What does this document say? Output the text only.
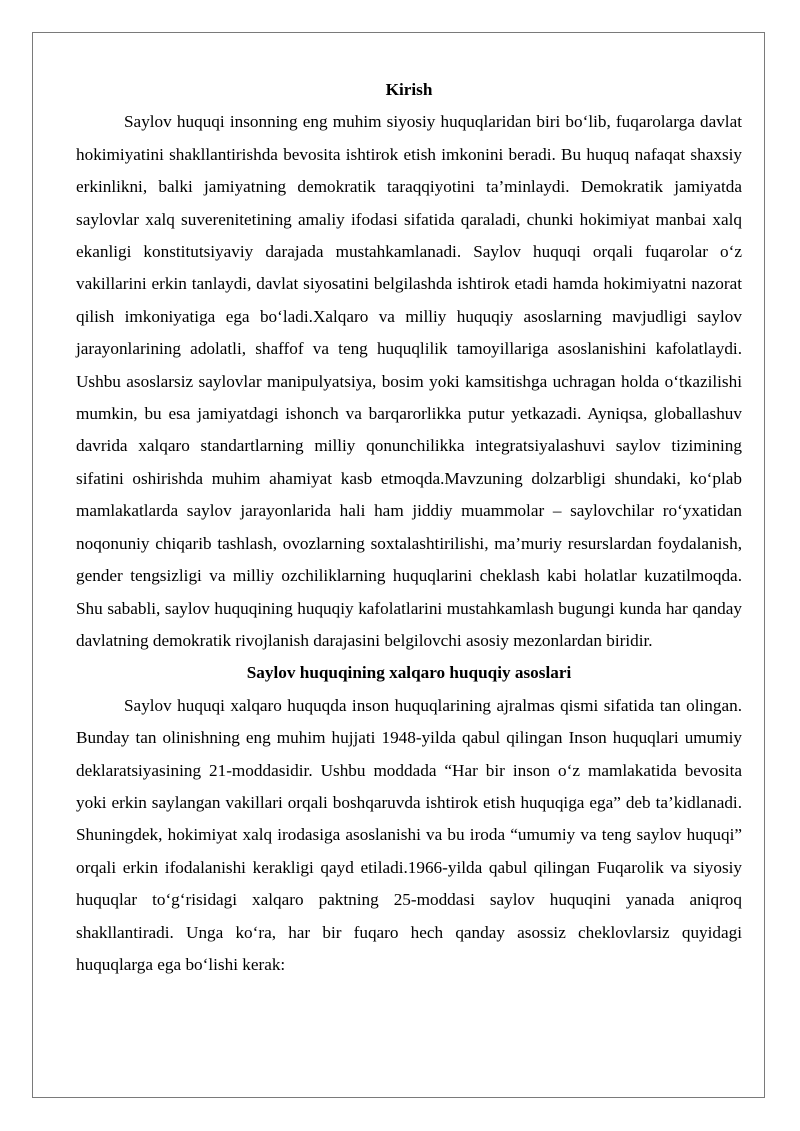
Kirish

Saylov huquqi insonning eng muhim siyosiy huquqlaridan biri bo‘lib, fuqarolarga davlat hokimiyatini shakllantirishda bevosita ishtirok etish imkonini beradi. Bu huquq nafaqat shaxsiy erkinlikni, balki jamiyatning demokratik taraqqiyotini ta’minlaydi. Demokratik jamiyatda saylovlar xalq suverenitetining amaliy ifodasi sifatida qaraladi, chunki hokimiyat manbai xalq ekanligi konstitutsiyaviy darajada mustahkamlanadi. Saylov huquqi orqali fuqarolar o‘z vakillarini erkin tanlaydi, davlat siyosatini belgilashda ishtirok etadi hamda hokimiyatni nazorat qilish imkoniyatiga ega bo‘ladi.Xalqaro va milliy huquqiy asoslarning mavjudligi saylov jarayonlarining adolatli, shaffof va teng huquqlilik tamoyillariga asoslanishini kafolatlaydi. Ushbu asoslarsiz saylovlar manipulyatsiya, bosim yoki kamsitishga uchragan holda o‘tkazilishi mumkin, bu esa jamiyatdagi ishonch va barqarorlikka putur yetkazadi. Ayniqsa, globallashuv davrida xalqaro standartlarning milliy qonunchilikka integratsiyalashuvi saylov tizimining sifatini oshirishda muhim ahamiyat kasb etmoqda.Mavzuning dolzarbligi shundaki, ko‘plab mamlakatlarda saylov jarayonlarida hali ham jiddiy muammolar – saylovchilar ro‘yxatidan noqonuniy chiqarib tashlash, ovozlarning soxtalashtirilishi, ma’muriy resurslardan foydalanish, gender tengsizligi va milliy ozchiliklarning huquqlarini cheklash kabi holatlar kuzatilmoqda. Shu sababli, saylov huquqining huquqiy kafolatlarini mustahkamlash bugungi kunda har qanday davlatning demokratik rivojlanish darajasini belgilovchi asosiy mezonlardan biridir.

Saylov huquqining xalqaro huquqiy asoslari

Saylov huquqi xalqaro huquqda inson huquqlarining ajralmas qismi sifatida tan olingan. Bunday tan olinishning eng muhim hujjati 1948-yilda qabul qilingan Inson huquqlari umumiy deklaratsiyasining 21-moddasidir. Ushbu moddada “Har bir inson o‘z mamlakatida bevosita yoki erkin saylangan vakillari orqali boshqaruvda ishtirok etish huquqiga ega” deb ta’kidlanadi. Shuningdek, hokimiyat xalq irodasiga asoslanishi va bu iroda “umumiy va teng saylov huquqi” orqali erkin ifodalanishi kerakligi qayd etiladi.1966-yilda qabul qilingan Fuqarolik va siyosiy huquqlar to‘g‘risidagi xalqaro paktning 25-moddasi saylov huquqini yanada aniqroq shakllantiradi. Unga ko‘ra, har bir fuqaro hech qanday asossiz cheklovlarsiz quyidagi huquqlarga ega bo‘lishi kerak:
